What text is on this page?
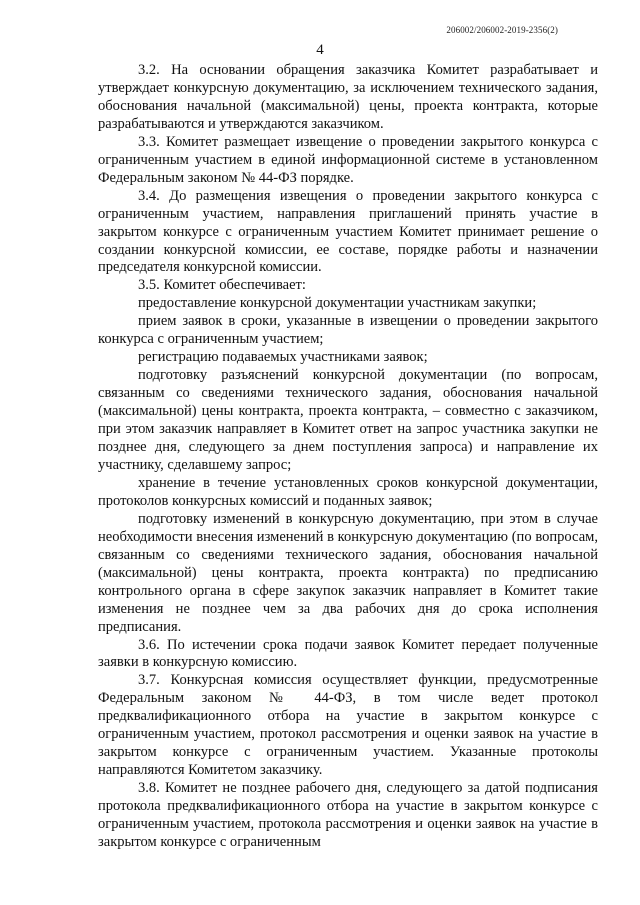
206002/206002-2019-2356(2)
4

3.2. На основании обращения заказчика Комитет разрабатывает и утверждает конкурсную документацию, за исключением технического задания, обоснования начальной (максимальной) цены, проекта контракта, которые разрабатываются и утверждаются заказчиком.

3.3. Комитет размещает извещение о проведении закрытого конкурса с ограниченным участием в единой информационной системе в установленном Федеральным законом № 44-ФЗ порядке.

3.4. До размещения извещения о проведении закрытого конкурса с ограниченным участием, направления приглашений принять участие в закрытом конкурсе с ограниченным участием Комитет принимает решение о создании конкурсной комиссии, ее составе, порядке работы и назначении председателя конкурсной комиссии.

3.5. Комитет обеспечивает:

предоставление конкурсной документации участникам закупки;

прием заявок в сроки, указанные в извещении о проведении закрытого конкурса с ограниченным участием;

регистрацию подаваемых участниками заявок;

подготовку разъяснений конкурсной документации (по вопросам, связанным со сведениями технического задания, обоснования начальной (максимальной) цены контракта, проекта контракта, – совместно с заказчиком, при этом заказчик направляет в Комитет ответ на запрос участника закупки не позднее дня, следующего за днем поступления запроса) и направление их участнику, сделавшему запрос;

хранение в течение установленных сроков конкурсной документации, протоколов конкурсных комиссий и поданных заявок;

подготовку изменений в конкурсную документацию, при этом в случае необходимости внесения изменений в конкурсную документацию (по вопросам, связанным со сведениями технического задания, обоснования начальной (максимальной) цены контракта, проекта контракта) по предписанию контрольного органа в сфере закупок заказчик направляет в Комитет такие изменения не позднее чем за два рабочих дня до срока исполнения предписания.

3.6. По истечении срока подачи заявок Комитет передает полученные заявки в конкурсную комиссию.

3.7. Конкурсная комиссия осуществляет функции, предусмотренные Федеральным законом № 44-ФЗ, в том числе ведет протокол предквалификационного отбора на участие в закрытом конкурсе с ограниченным участием, протокол рассмотрения и оценки заявок на участие в закрытом конкурсе с ограниченным участием. Указанные протоколы направляются Комитетом заказчику.

3.8. Комитет не позднее рабочего дня, следующего за датой подписания протокола предквалификационного отбора на участие в закрытом конкурсе с ограниченным участием, протокола рассмотрения и оценки заявок на участие в закрытом конкурсе с ограниченным
